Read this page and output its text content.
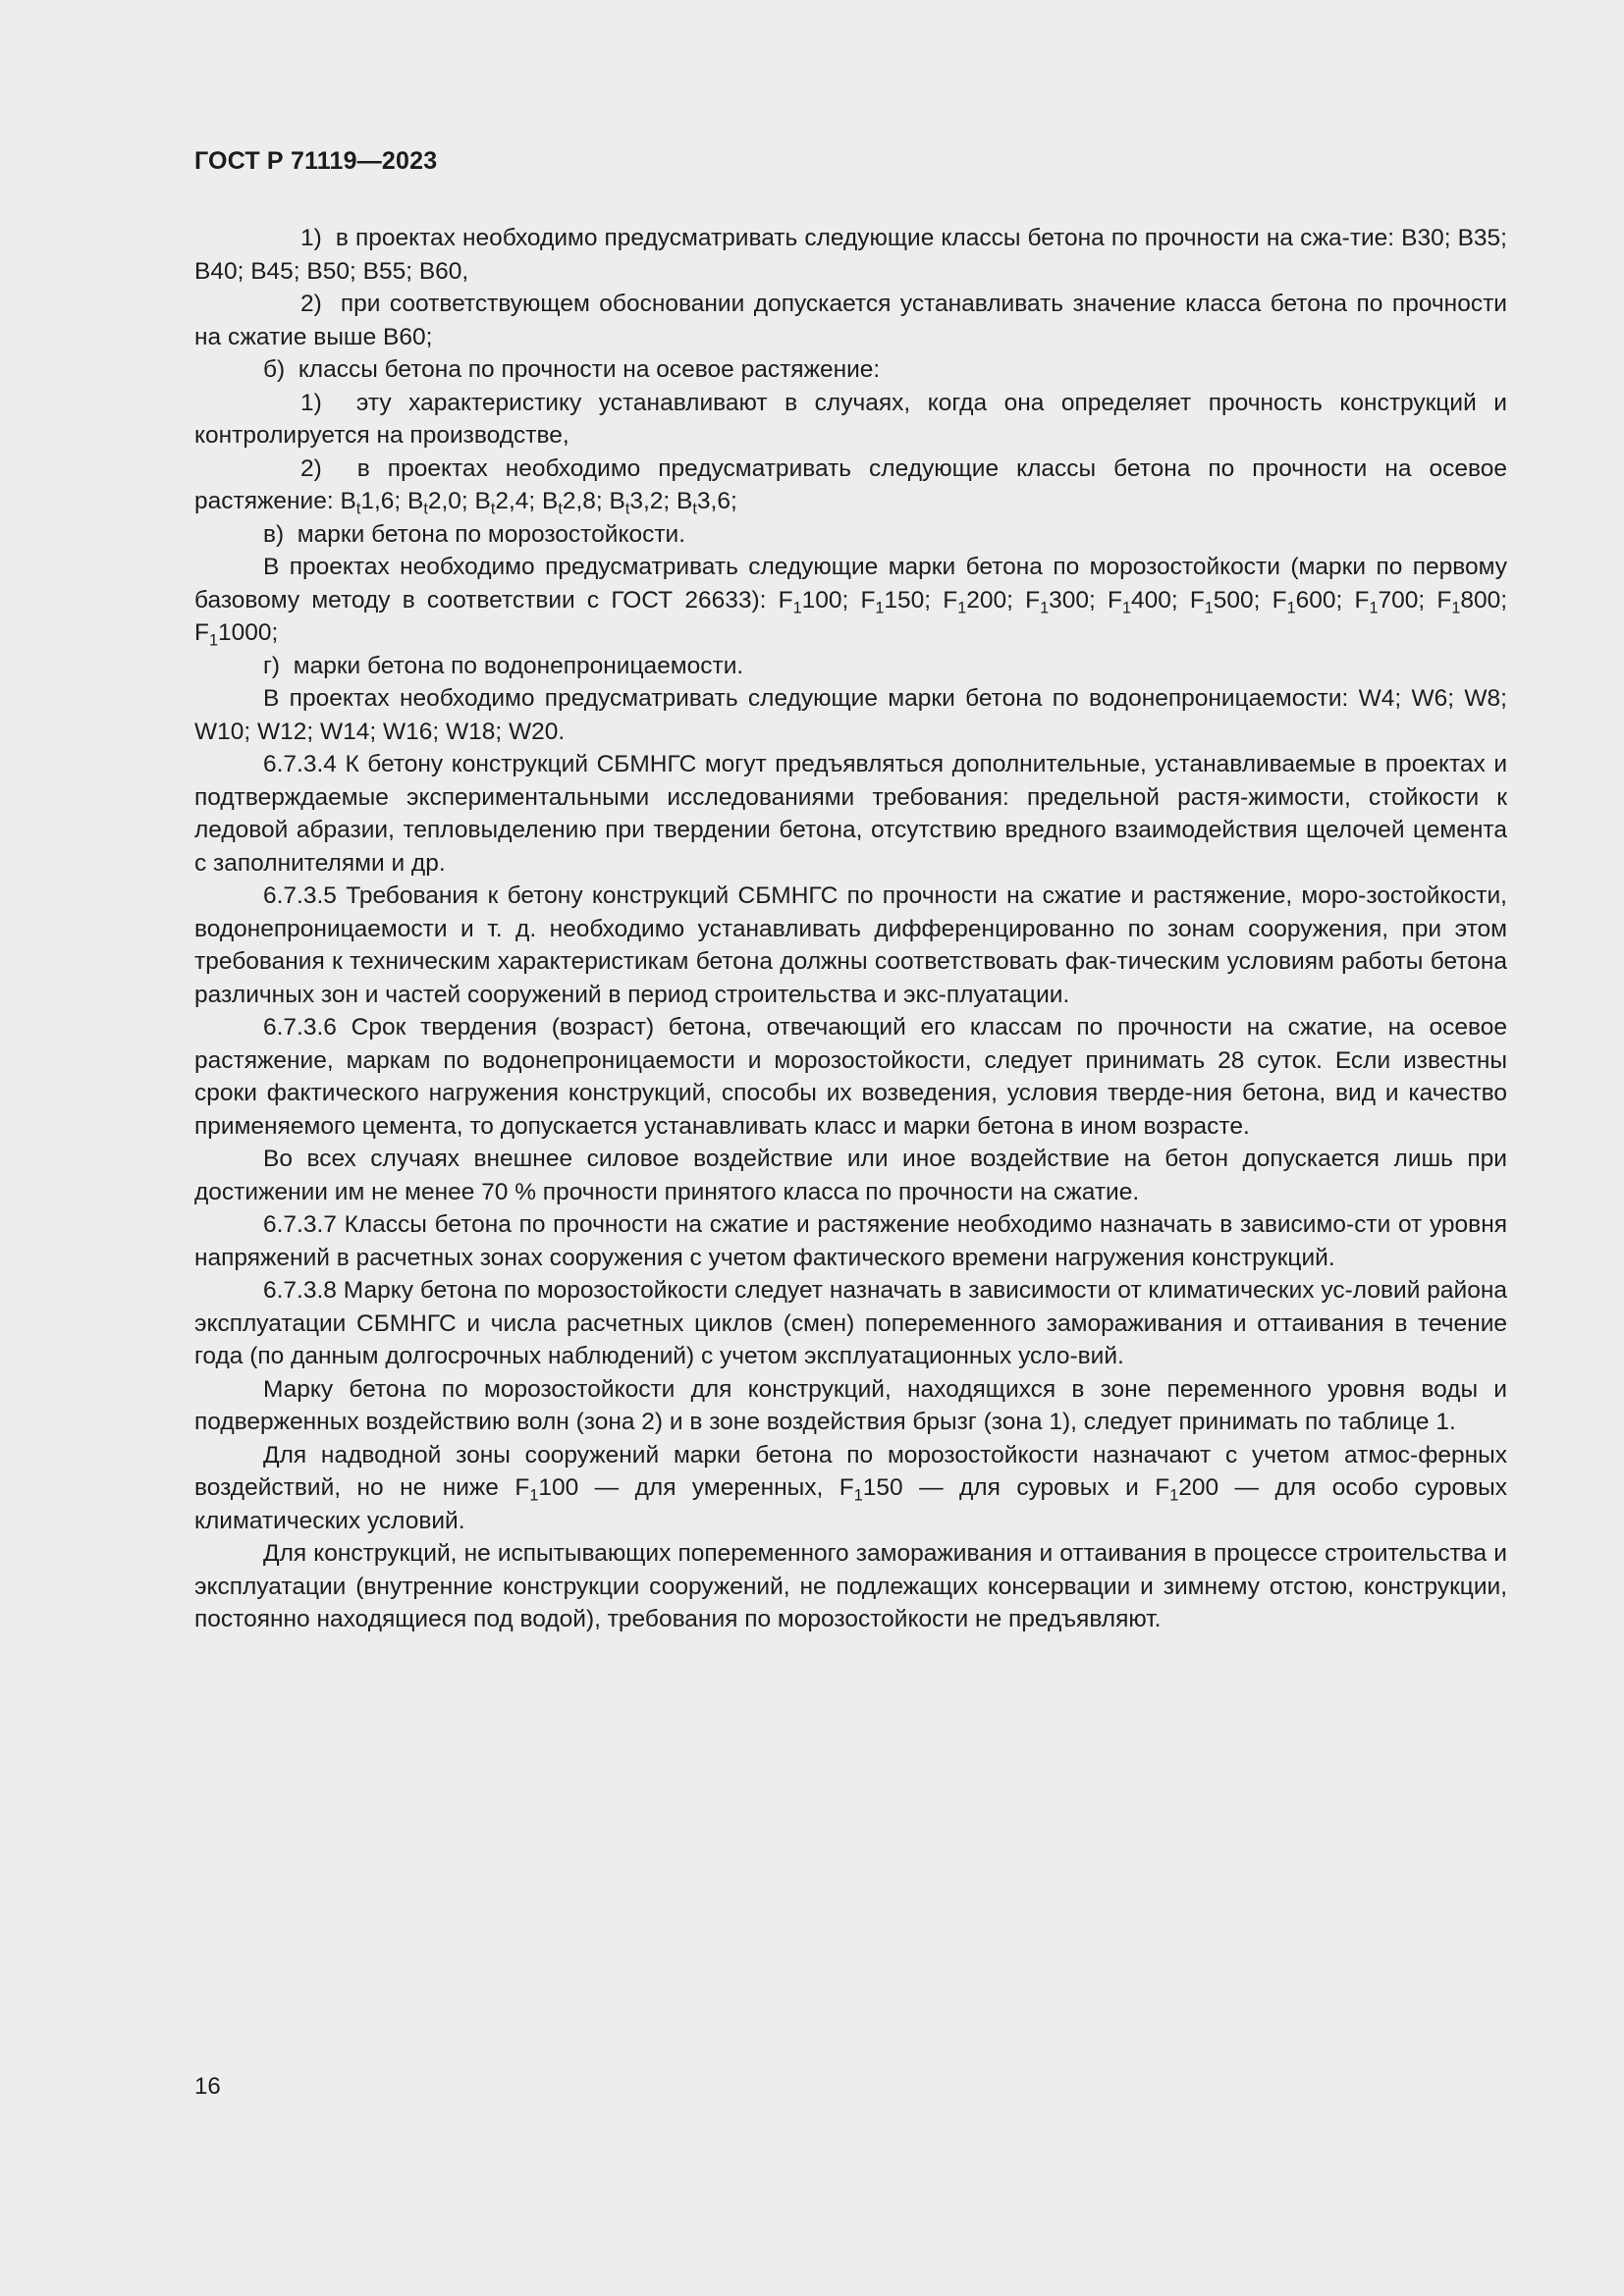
ГОСТ Р 71119—2023

1)  в проектах необходимо предусматривать следующие классы бетона по прочности на сжа-тие: В30; В35; В40; В45; В50; В55; В60,

2)  при соответствующем обосновании допускается устанавливать значение класса бетона по прочности на сжатие выше В60;

б)  классы бетона по прочности на осевое растяжение:

1)  эту характеристику устанавливают в случаях, когда она определяет прочность конструкций и контролируется на производстве,

2)  в проектах необходимо предусматривать следующие классы бетона по прочности на осевое растяжение: $В_t1,6$; $В_t2,0$; $В_t2,4$; $В_t2,8$; $В_t3,2$; $В_t3,6$;

в)  марки бетона по морозостойкости.

В проектах необходимо предусматривать следующие марки бетона по морозостойкости (марки по первому базовому методу в соответствии с ГОСТ 26633): $F_1100$; $F_1150$; $F_1200$; $F_1300$; $F_1400$; $F_1500$; $F_1600$; $F_1700$; $F_1800$; $F_11000$;

г)  марки бетона по водонепроницаемости.

В проектах необходимо предусматривать следующие марки бетона по водонепроницаемости: W4; W6; W8; W10; W12; W14; W16; W18; W20.

6.7.3.4 К бетону конструкций СБМНГС могут предъявляться дополнительные, устанавливаемые в проектах и подтверждаемые экспериментальными исследованиями требования: предельной растя-жимости, стойкости к ледовой абразии, тепловыделению при твердении бетона, отсутствию вредного взаимодействия щелочей цемента с заполнителями и др.

6.7.3.5 Требования к бетону конструкций СБМНГС по прочности на сжатие и растяжение, моро-зостойкости, водонепроницаемости и т. д. необходимо устанавливать дифференцированно по зонам сооружения, при этом требования к техническим характеристикам бетона должны соответствовать фак-тическим условиям работы бетона различных зон и частей сооружений в период строительства и экс-плуатации.

6.7.3.6 Срок твердения (возраст) бетона, отвечающий его классам по прочности на сжатие, на осевое растяжение, маркам по водонепроницаемости и морозостойкости, следует принимать 28 суток. Если известны сроки фактического нагружения конструкций, способы их возведения, условия тверде-ния бетона, вид и качество применяемого цемента, то допускается устанавливать класс и марки бетона в ином возрасте.

Во всех случаях внешнее силовое воздействие или иное воздействие на бетон допускается лишь при достижении им не менее 70 % прочности принятого класса по прочности на сжатие.

6.7.3.7 Классы бетона по прочности на сжатие и растяжение необходимо назначать в зависимо-сти от уровня напряжений в расчетных зонах сооружения с учетом фактического времени нагружения конструкций.

6.7.3.8 Марку бетона по морозостойкости следует назначать в зависимости от климатических ус-ловий района эксплуатации СБМНГС и числа расчетных циклов (смен) попеременного замораживания и оттаивания в течение года (по данным долгосрочных наблюдений) с учетом эксплуатационных усло-вий.

Марку бетона по морозостойкости для конструкций, находящихся в зоне переменного уровня воды и подверженных воздействию волн (зона 2) и в зоне воздействия брызг (зона 1), следует принимать по таблице 1.

Для надводной зоны сооружений марки бетона по морозостойкости назначают с учетом атмос-ферных воздействий, но не ниже $F_1100$ — для умеренных, $F_1150$ — для суровых и $F_1200$ — для особо суровых климатических условий.

Для конструкций, не испытывающих попеременного замораживания и оттаивания в процессе строительства и эксплуатации (внутренние конструкции сооружений, не подлежащих консервации и зимнему отстою, конструкции, постоянно находящиеся под водой), требования по морозостойкости не предъявляют.

16
